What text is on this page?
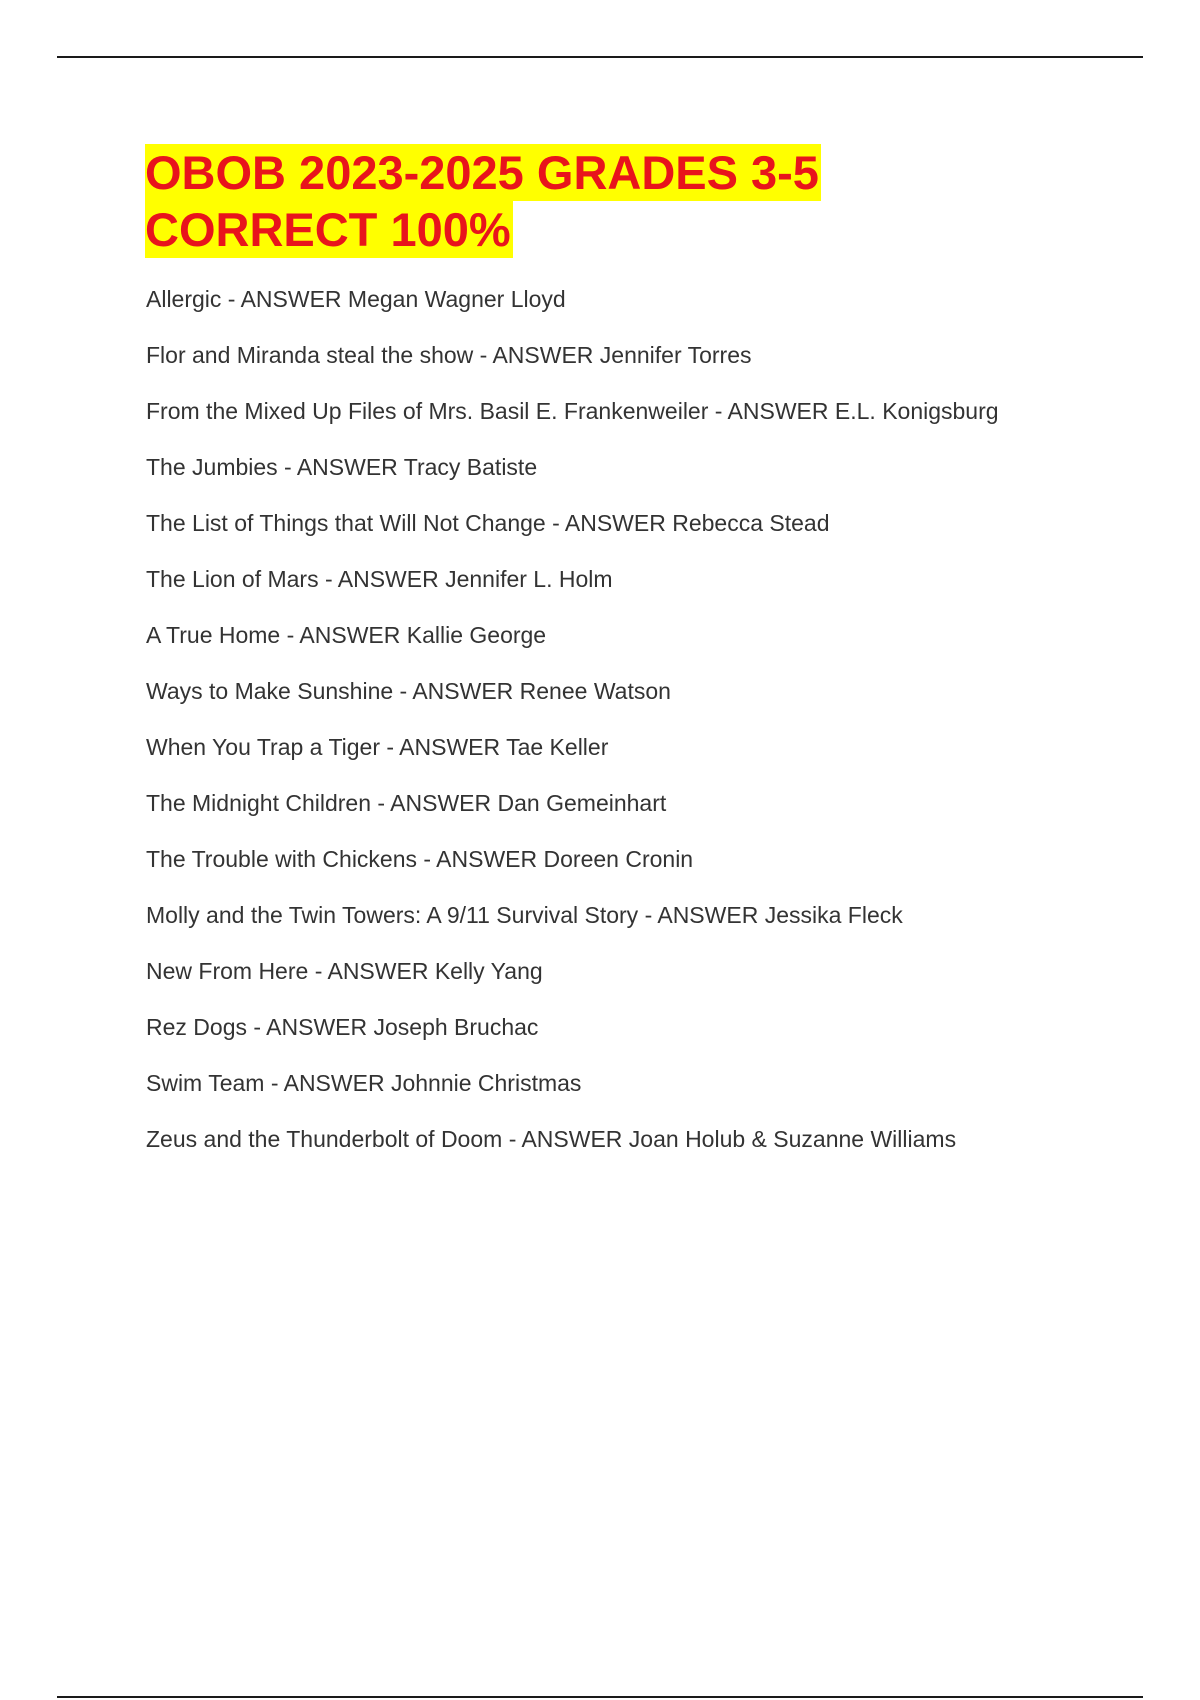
OBOB 2023-2025 GRADES 3-5
CORRECT 100%
Allergic - ANSWER Megan Wagner Lloyd
Flor and Miranda steal the show - ANSWER Jennifer Torres
From the Mixed Up Files of Mrs. Basil E. Frankenweiler - ANSWER E.L. Konigsburg
The Jumbies - ANSWER Tracy Batiste
The List of Things that Will Not Change - ANSWER Rebecca Stead
The Lion of Mars - ANSWER Jennifer L. Holm
A True Home - ANSWER Kallie George
Ways to Make Sunshine - ANSWER Renee Watson
When You Trap a Tiger - ANSWER Tae Keller
The Midnight Children - ANSWER Dan Gemeinhart
The Trouble with Chickens - ANSWER Doreen Cronin
Molly and the Twin Towers: A 9/11 Survival Story - ANSWER Jessika Fleck
New From Here - ANSWER Kelly Yang
Rez Dogs - ANSWER Joseph Bruchac
Swim Team - ANSWER Johnnie Christmas
Zeus and the Thunderbolt of Doom - ANSWER Joan Holub & Suzanne Williams
